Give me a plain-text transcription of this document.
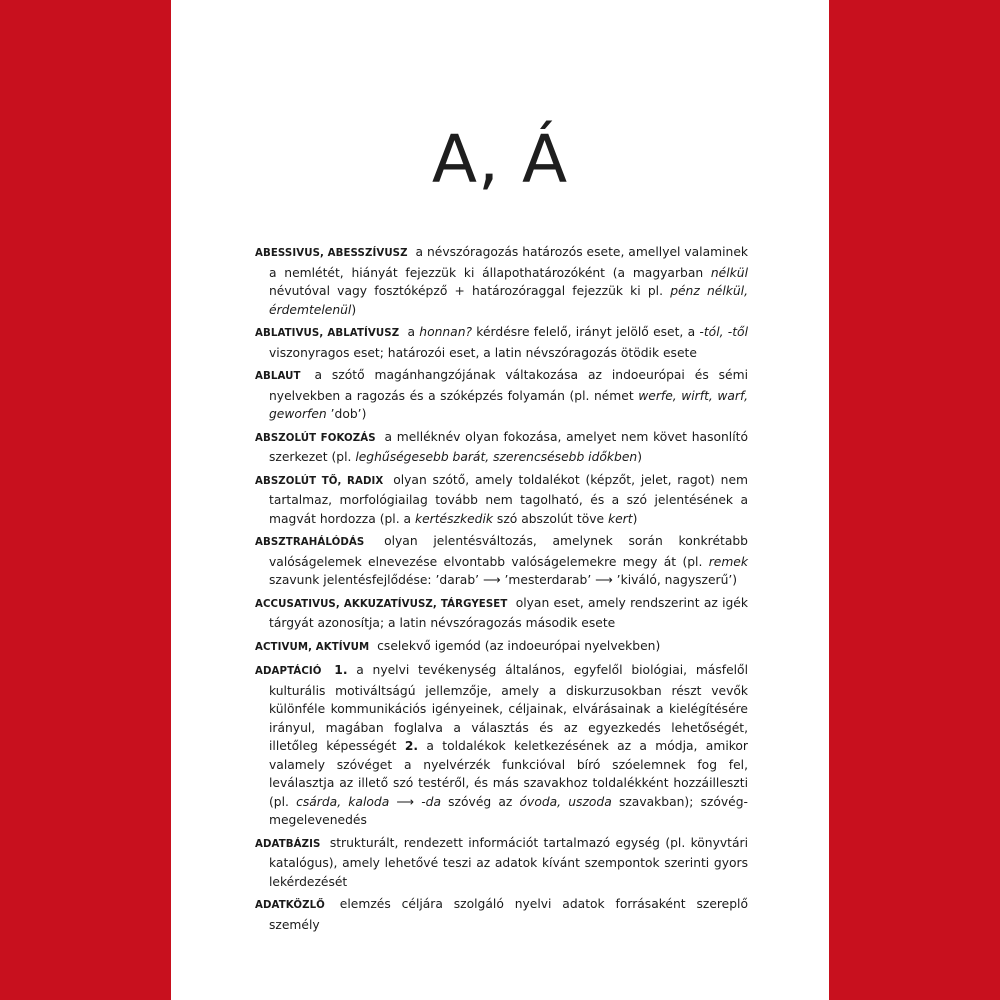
A, Á

ABESSIVUS, ABESSZÍVUSZ a névszóragozás határozós esete, amellyel valaminek a nemlétét, hiányát fejezzük ki állapothatározóként (a magyarban nélkül névutóval vagy fosztóképző + határozóraggal fejezzük ki pl. pénz nélkül, érdemtelenül)

ABLATIVUS, ABLATÍVUSZ a honnan? kérdésre felelő, irányt jelölő eset, a -tól, -től viszonyragos eset; határozói eset, a latin névszóragozás ötödik esete

ABLAUT a szótő magánhangzójának váltakozása az indoeurópai és sémi nyelvekben a ragozás és a szóképzés folyamán (pl. német werfe, wirft, warf, geworfen ’dob’)

ABSZOLÚT FOKOZÁS a melléknév olyan fokozása, amelyet nem követ hasonlító szerkezet (pl. leghűségesebb barát, szerencsésebb időkben)

ABSZOLÚT TŐ, RADIX olyan szótő, amely toldalékot (képzőt, jelet, ragot) nem tartalmaz, morfológiailag tovább nem tagolható, és a szó jelentésének a magvát hordozza (pl. a kertészkedik szó abszolút töve kert)

ABSZTRAHÁLÓDÁS olyan jelentésváltozás, amelynek során konkrétabb valóságelemek elnevezése elvontabb valóságelemekre megy át (pl. remek szavunk jelentésfejlődése: ’darab’ ⟶ ’mesterdarab’ ⟶ ’kiváló, nagyszerű’)

ACCUSATIVUS, AKKUZATÍVUSZ, TÁRGYESET olyan eset, amely rendszerint az igék tárgyát azonosítja; a latin névszóragozás második esete

ACTIVUM, AKTÍVUM cselekvő igemód (az indoeurópai nyelvekben)

ADAPTÁCIÓ 1. a nyelvi tevékenység általános, egyfelől biológiai, másfelől kulturális motiváltságú jellemzője, amely a diskurzusokban részt vevők különféle kommunikációs igényeinek, céljainak, elvárásainak a kielégítésére irányul, magában foglalva a választás és az egyezkedés lehetőségét, illetőleg képességét 2. a toldalékok keletkezésének az a módja, amikor valamely szóvéget a nyelvérzék funkcióval bíró szóelemnek fog fel, leválasztja az illető szó testéről, és más szavakhoz toldalékként hozzáilleszti (pl. csárda, kaloda ⟶ -da szóvég az óvoda, uszoda szavakban); szóvég-megelevenedés

ADATBÁZIS strukturált, rendezett információt tartalmazó egység (pl. könyvtári katalógus), amely lehetővé teszi az adatok kívánt szempontok szerinti gyors lekérdezését

ADATKÖZLŐ elemzés céljára szolgáló nyelvi adatok forrásaként szereplő személy
